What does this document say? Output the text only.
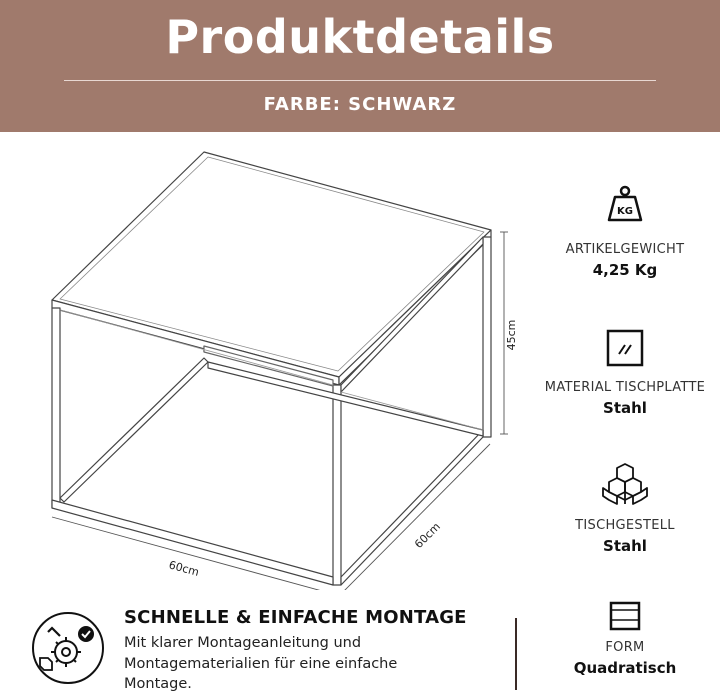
Produktdetails
FARBE: SCHWARZ
45cm
60cm
60cm
KG
ARTIKELGEWICHT
4,25 Kg
MATERIAL TISCHPLATTE
Stahl
TISCHGESTELL
Stahl
FORM
Quadratisch
SCHNELLE & EINFACHE MONTAGE
Mit klarer Montageanleitung und Montagematerialien für eine einfache Montage.
